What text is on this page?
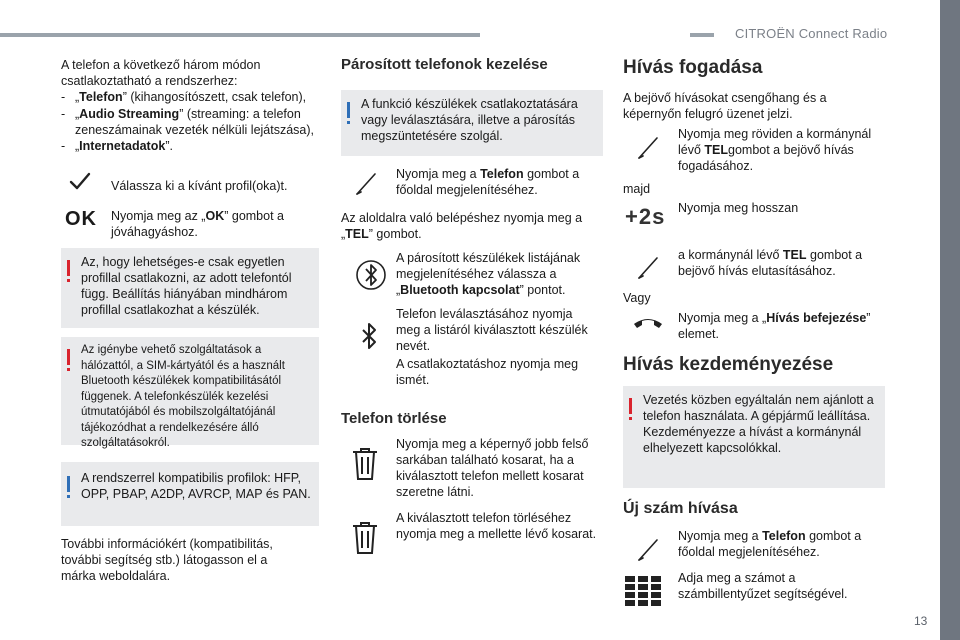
CITROËN Connect Radio
.
13
A telefon a következő három módon csatlakoztatható a rendszerhez:
- „Telefon” (kihangosítószett, csak telefon),
- „Audio Streaming” (streaming: a telefon zeneszámainak vezeték nélküli lejátszása),
- „Internetadatok”.
Válassza ki a kívánt profil(oka)t.
OK Nyomja meg az „OK” gombot a jóváhagyáshoz.
Az, hogy lehetséges-e csak egyetlen profillal csatlakozni, az adott telefontól függ. Beállítás hiányában mindhárom profillal csatlakozhat a készülék.
Az igénybe vehető szolgáltatások a hálózattól, a SIM-kártyától és a használt Bluetooth készülékek kompatibilitásától függenek. A telefonkészülék kezelési útmutatójából és mobilszolgáltatójánál tájékozódhat a rendelkezésére álló szolgáltatásokról.
A rendszerrel kompatibilis profilok: HFP, OPP, PBAP, A2DP, AVRCP, MAP és PAN.
További információkért (kompatibilitás, további segítség stb.) látogasson el a márka weboldalára.
Párosított telefonok kezelése
A funkció készülékek csatlakoztatására vagy leválasztására, illetve a párosítás megszüntetésére szolgál.
Nyomja meg a Telefon gombot a főoldal megjelenítéséhez.
Az aloldalra való belépéshez nyomja meg a „TEL” gombot.
A párosított készülékek listájának megjelenítéséhez válassza a „Bluetooth kapcsolat” pontot.
Telefon leválasztásához nyomja meg a listáról kiválasztott készülék nevét.
A csatlakoztatáshoz nyomja meg ismét.
Telefon törlése
Nyomja meg a képernyő jobb felső sarkában található kosarat, ha a kiválasztott telefon mellett kosarat szeretne látni.
A kiválasztott telefon törléséhez nyomja meg a mellette lévő kosarat.
Hívás fogadása
A bejövő hívásokat csengőhang és a képernyőn felugró üzenet jelzi.
Nyomja meg röviden a kormánynál lévő TELgombot a bejövő hívás fogadásához.
majd
+2s Nyomja meg hosszan
a kormánynál lévő TEL gombot a bejövő hívás elutasításához.
Vagy
Nyomja meg a „Hívás befejezése” elemet.
Hívás kezdeményezése
Vezetés közben egyáltalán nem ajánlott a telefon használata. A gépjármű leállítása. Kezdeményezze a hívást a kormánynál elhelyezett kapcsolókkal.
Új szám hívása
Nyomja meg a Telefon gombot a főoldal megjelenítéséhez.
Adja meg a számot a számbillentyűzet segítségével.
